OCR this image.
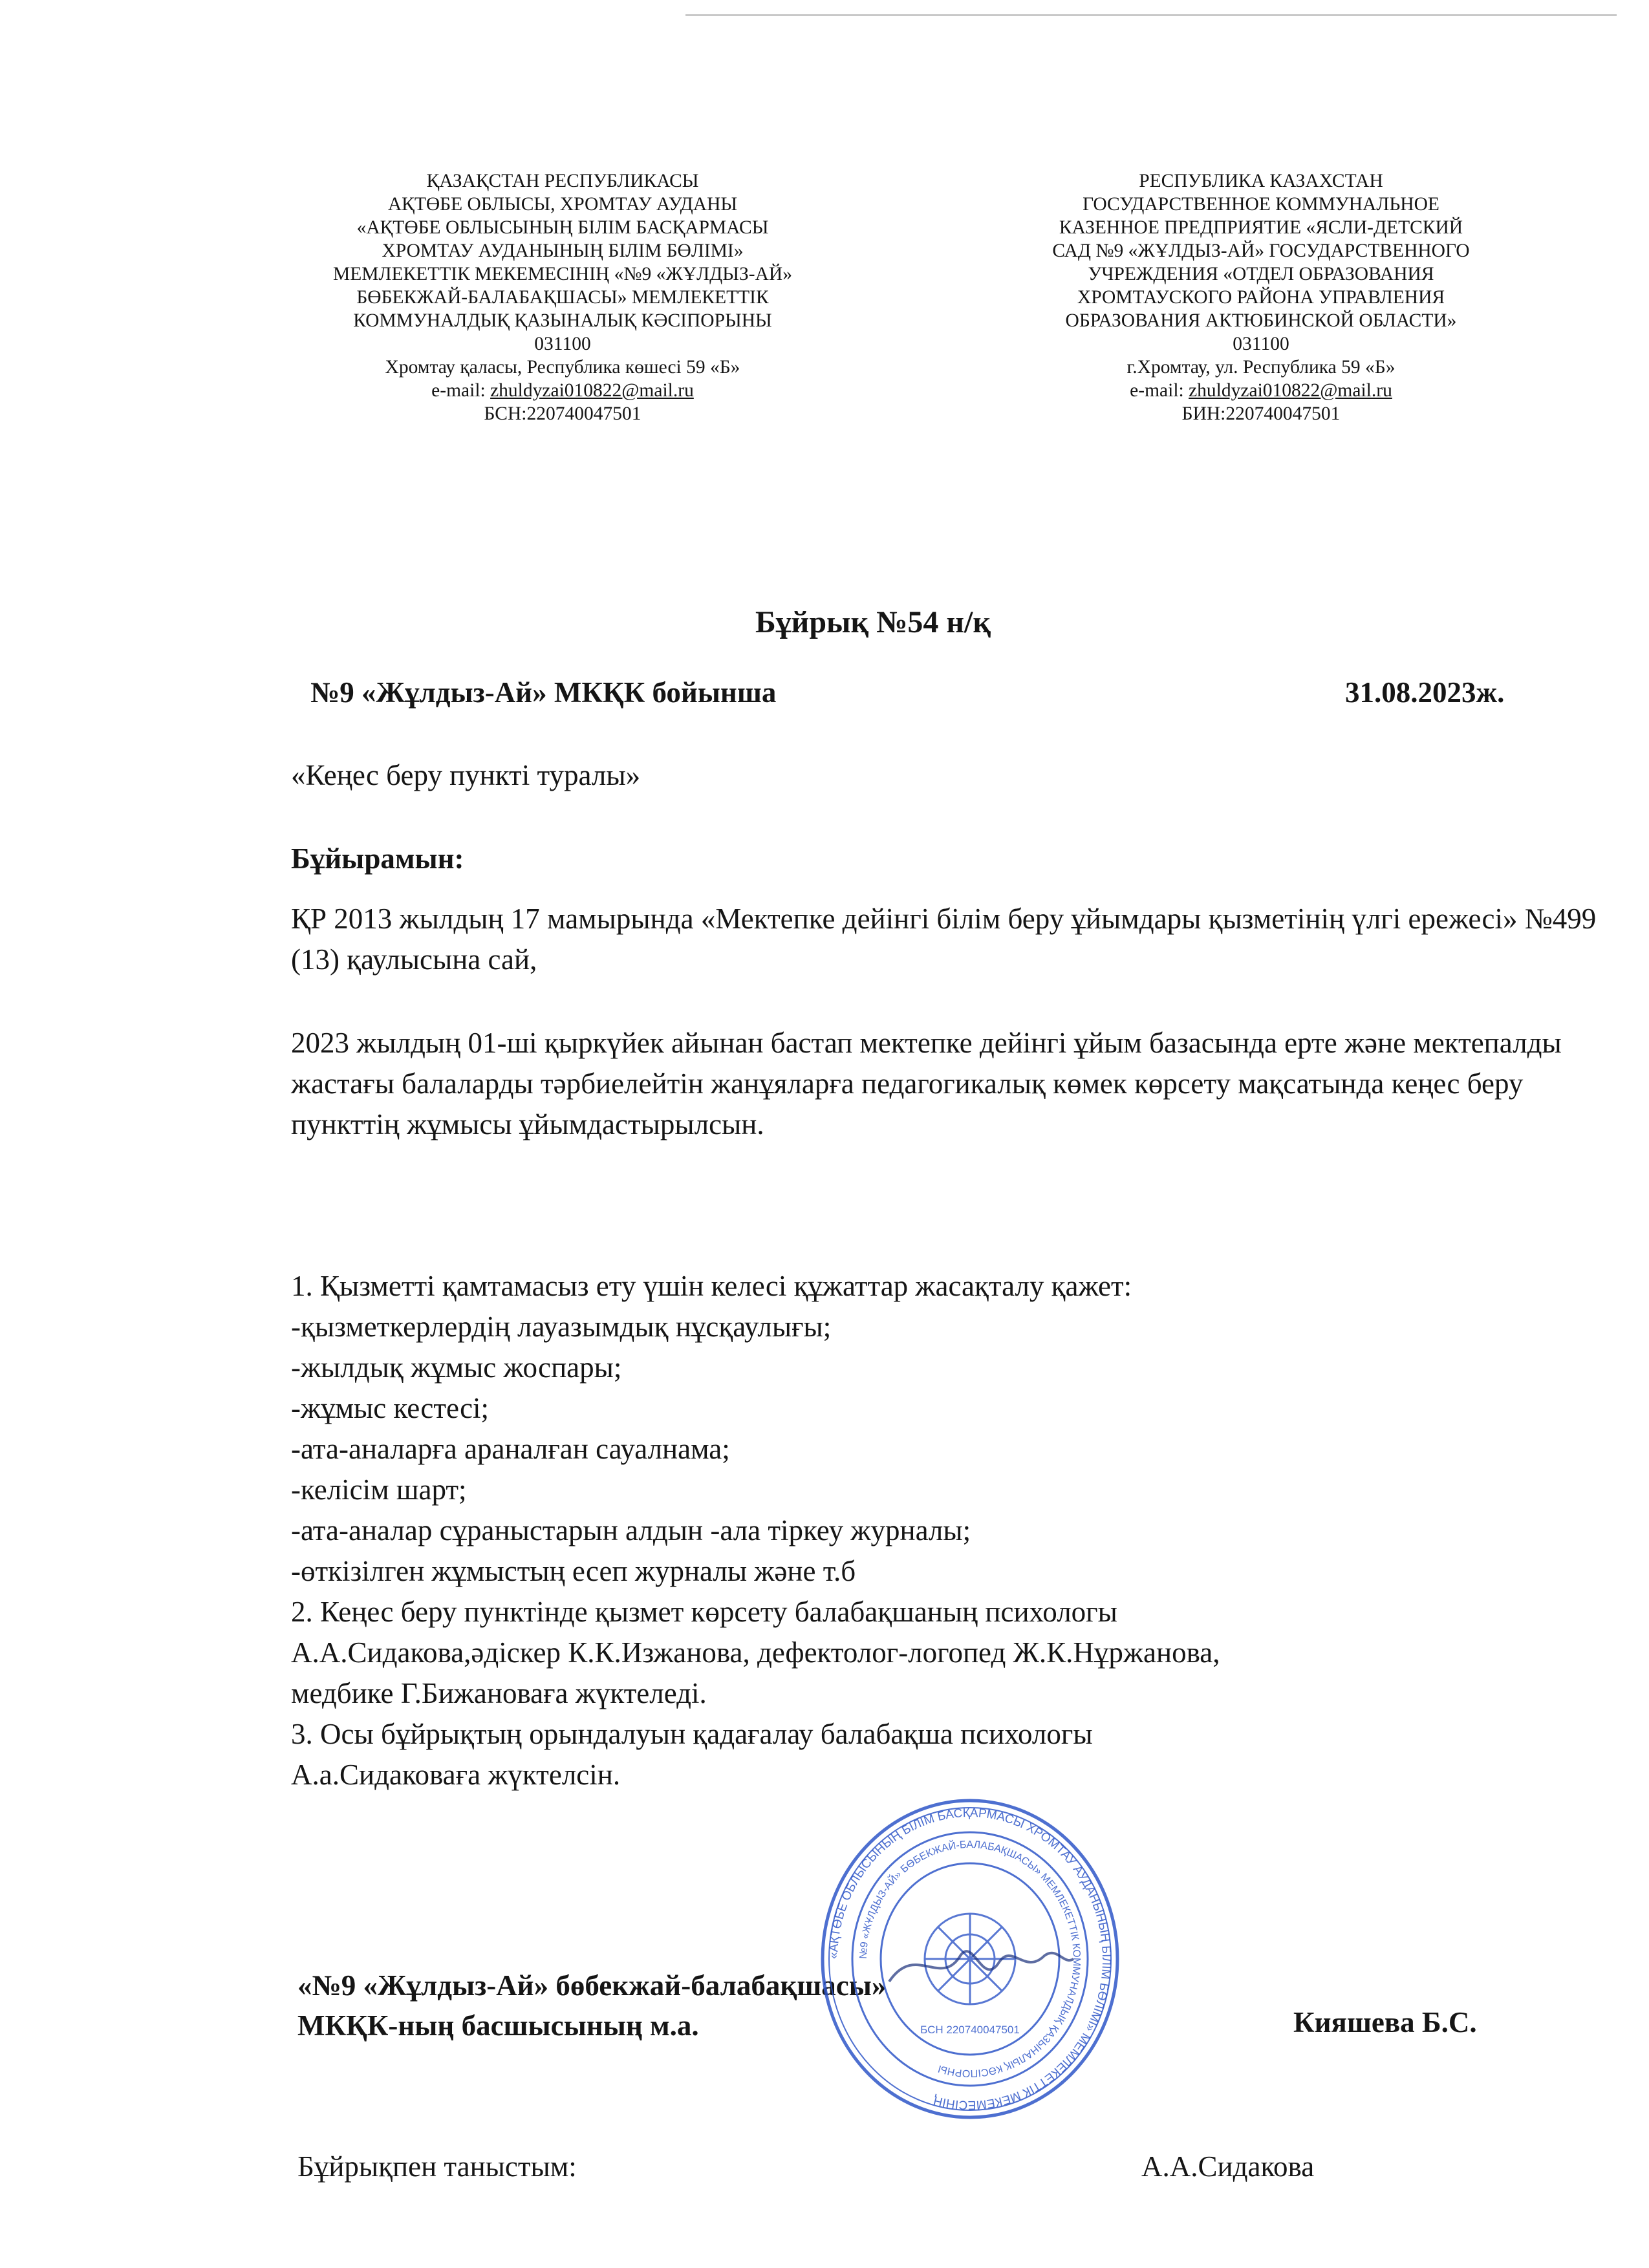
ҚАЗАҚСТАН РЕСПУБЛИКАСЫ
АҚТӨБЕ ОБЛЫСЫ, ХРОМТАУ АУДАНЫ
«АҚТӨБЕ ОБЛЫСЫНЫҢ БІЛІМ БАСҚАРМАСЫ
ХРОМТАУ АУДАНЫНЫҢ БІЛІМ БӨЛІМІ»
МЕМЛЕКЕТТІК МЕКЕМЕСІНІҢ «№9 «ЖҰЛДЫЗ-АЙ»
БӨБЕКЖАЙ-БАЛАБАҚШАСЫ» МЕМЛЕКЕТТІК
КОММУНАЛДЫҚ ҚАЗЫНАЛЫҚ КӘСІПОРЫНЫ
031100
Хромтау қаласы, Республика көшесі 59 «Б»
e-mail: zhuldyzai010822@mail.ru
БСН:220740047501
РЕСПУБЛИКА КАЗАХСТАН
ГОСУДАРСТВЕННОЕ КОММУНАЛЬНОЕ
КАЗЕННОЕ ПРЕДПРИЯТИЕ «ЯСЛИ-ДЕТСКИЙ
САД №9 «ЖҰЛДЫЗ-АЙ» ГОСУДАРСТВЕННОГО
УЧРЕЖДЕНИЯ «ОТДЕЛ ОБРАЗОВАНИЯ
ХРОМТАУСКОГО РАЙОНА УПРАВЛЕНИЯ
ОБРАЗОВАНИЯ АКТЮБИНСКОЙ ОБЛАСТИ»
031100
г.Хромтау, ул. Республика 59 «Б»
e-mail: zhuldyzai010822@mail.ru
БИН:220740047501
Бұйрық №54 н/қ
№9 «Жұлдыз-Ай» МКҚК бойынша	31.08.2023ж.
«Кеңес беру пункті туралы»
Бұйырамын:
ҚР 2013 жылдың 17 мамырында «Мектепке дейінгі білім беру ұйымдары қызметінің үлгі ережесі» №499 (13) қаулысына сай,
2023 жылдың 01-ші қыркүйек айынан бастап мектепке дейінгі ұйым базасында ерте және мектепалды жастағы балаларды тәрбиелейтін жанұяларға педагогикалық көмек көрсету мақсатында кеңес беру пункттің жұмысы ұйымдастырылсын.
1. Қызметті қамтамасыз ету үшін келесі құжаттар жасақталу қажет:
-қызметкерлердің лауазымдық нұсқаулығы;
-жылдық жұмыс жоспары;
-жұмыс кестесі;
-ата-аналарға араналған сауалнама;
-келісім шарт;
-ата-аналар сұраныстарын алдын -ала тіркеу журналы;
-өткізілген жұмыстың есеп журналы және т.б
2. Кеңес беру пунктінде қызмет көрсету балабақшаның психологы
А.А.Сидакова,әдіскер К.К.Изжанова, дефектолог-логопед Ж.К.Нұржанова,
медбике Г.Бижановаға жүктеледі.
3. Осы бұйрықтың орындалуын қадағалау балабақша психологы
А.а.Сидаковаға жүктелсін.
«№9 «Жұлдыз-Ай» бөбекжай-балабақшасы»
МКҚК-ның басшысының м.а.	Кияшева Б.С.
Бұйрықпен таныстым:	А.А.Сидакова
«АҚТӨБЕ ОБЛЫСЫНЫҢ БІЛІМ БАСҚАРМАСЫ ХРОМТАУ АУДАНЫНЫҢ БІЛІМ БӨЛІМІ» МЕМЛЕКЕТТІК МЕКЕМЕСІНІҢ
№9 «ЖҰЛДЫЗ-АЙ» БӨБЕКЖАЙ-БАЛАБАҚШАСЫ» МЕМЛЕКЕТТІК КОММУНАЛДЫҚ ҚАЗЫНАЛЫҚ КӘСІПОРНЫ
БСН 220740047501
